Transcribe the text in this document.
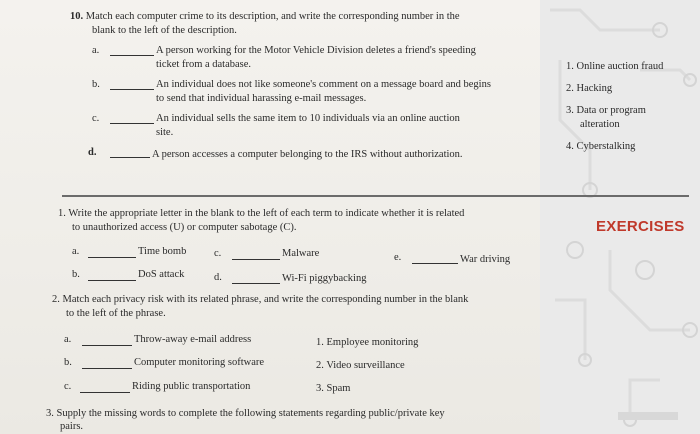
10. Match each computer crime to its description, and write the corresponding number in the
blank to the left of the description.
a.	A person working for the Motor Vehicle Division deletes a friend's speeding
ticket from a database.
b.	An individual does not like someone's comment on a message board and begins
to send that individual harassing e-mail messages.
c.	An individual sells the same item to 10 individuals via an online auction
site.
d.	A person accesses a computer belonging to the IRS without authorization.
1. Online auction fraud
2. Hacking
3. Data or program
alteration
4. Cyberstalking
EXERCISES
1. Write the appropriate letter in the blank to the left of each term to indicate whether it is related
to unauthorized access (U) or computer sabotage (C).
a.	Time bomb	c.	Malware	e.	War driving
b.	DoS attack	d.	Wi-Fi piggybacking
2. Match each privacy risk with its related phrase, and write the corresponding number in the blank
to the left of the phrase.
a.	Throw-away e-mail address
b.	Computer monitoring software
c.	Riding public transportation
1. Employee monitoring
2. Video surveillance
3. Spam
3. Supply the missing words to complete the following statements regarding public/private key
pairs.
